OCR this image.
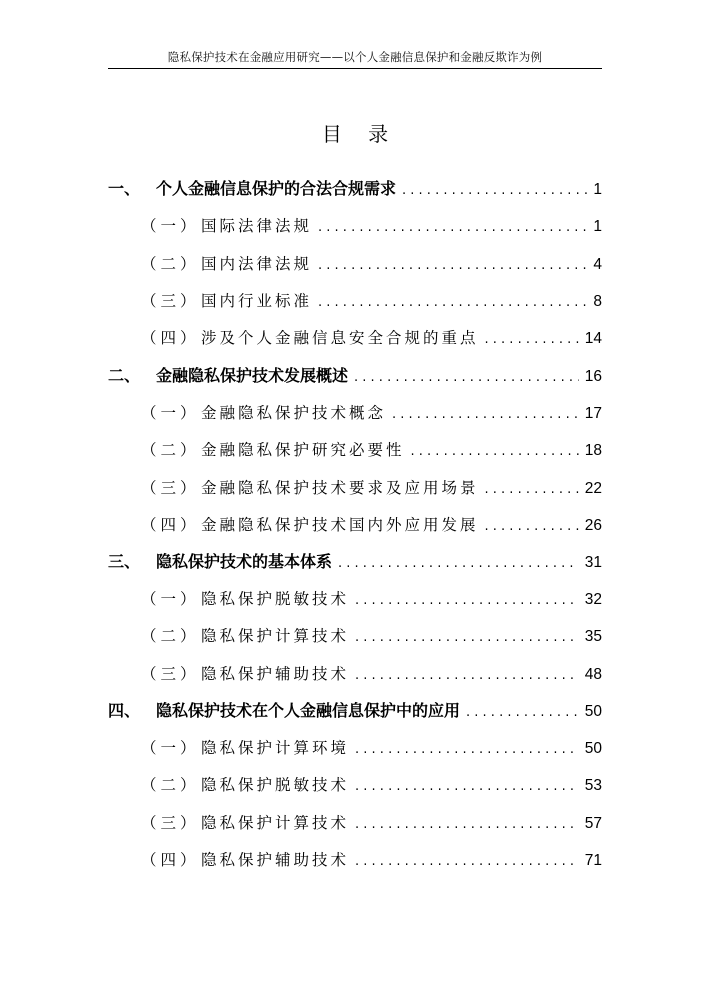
隐私保护技术在金融应用研究——以个人金融信息保护和金融反欺诈为例
目 录
一、 个人金融信息保护的合法合规需求 . . .	1
（一） 国际法律法规 . . .	1
（二） 国内法律法规 . . .	4
（三） 国内行业标准 . . .	8
（四） 涉及个人金融信息安全合规的重点 . . .	14
二、 金融隐私保护技术发展概述 . . .	16
（一） 金融隐私保护技术概念 . . .	17
（二） 金融隐私保护研究必要性 . . .	18
（三） 金融隐私保护技术要求及应用场景 . . .	22
（四） 金融隐私保护技术国内外应用发展 . . .	26
三、 隐私保护技术的基本体系 . . .	31
（一） 隐私保护脱敏技术 . . .	32
（二） 隐私保护计算技术 . . .	35
（三） 隐私保护辅助技术 . . .	48
四、 隐私保护技术在个人金融信息保护中的应用 . . .	50
（一） 隐私保护计算环境 . . .	50
（二） 隐私保护脱敏技术 . . .	53
（三） 隐私保护计算技术 . . .	57
（四） 隐私保护辅助技术 . . .	71
